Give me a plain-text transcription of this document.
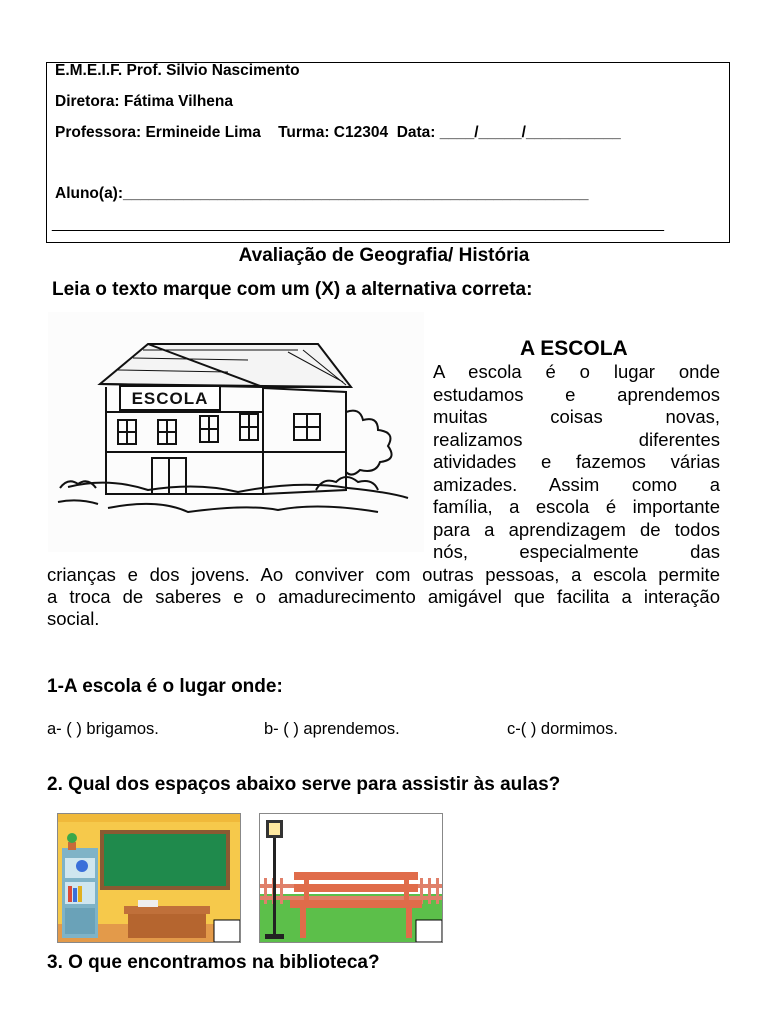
E.M.E.I.F. Prof. Silvio Nascimento
Diretora: Fátima Vilhena
Professora: Ermineide Lima    Turma: C12304  Data: ____/_____/___________
Aluno(a):______________________________________________________
_______________________________________________________________________
Avaliação de Geografia/ História
Leia o texto marque com um (X) a alternativa correta:
ESCOLA
A ESCOLA
A escola é o lugar onde
estudamos e aprendemos
muitas coisas novas,
realizamos diferentes
atividades e fazemos várias
amizades. Assim como a
família, a escola é importante
para a aprendizagem de todos
nós, especialmente das
crianças e dos jovens. Ao conviver com outras pessoas, a escola permite
a troca de saberes e o amadurecimento amigável que facilita a interação
social.
1-A escola é o lugar onde:
a- ( ) brigamos.	b- ( ) aprendemos.	c-( ) dormimos.
2. Qual dos espaços abaixo serve para assistir às aulas?
3. O que encontramos na biblioteca?
